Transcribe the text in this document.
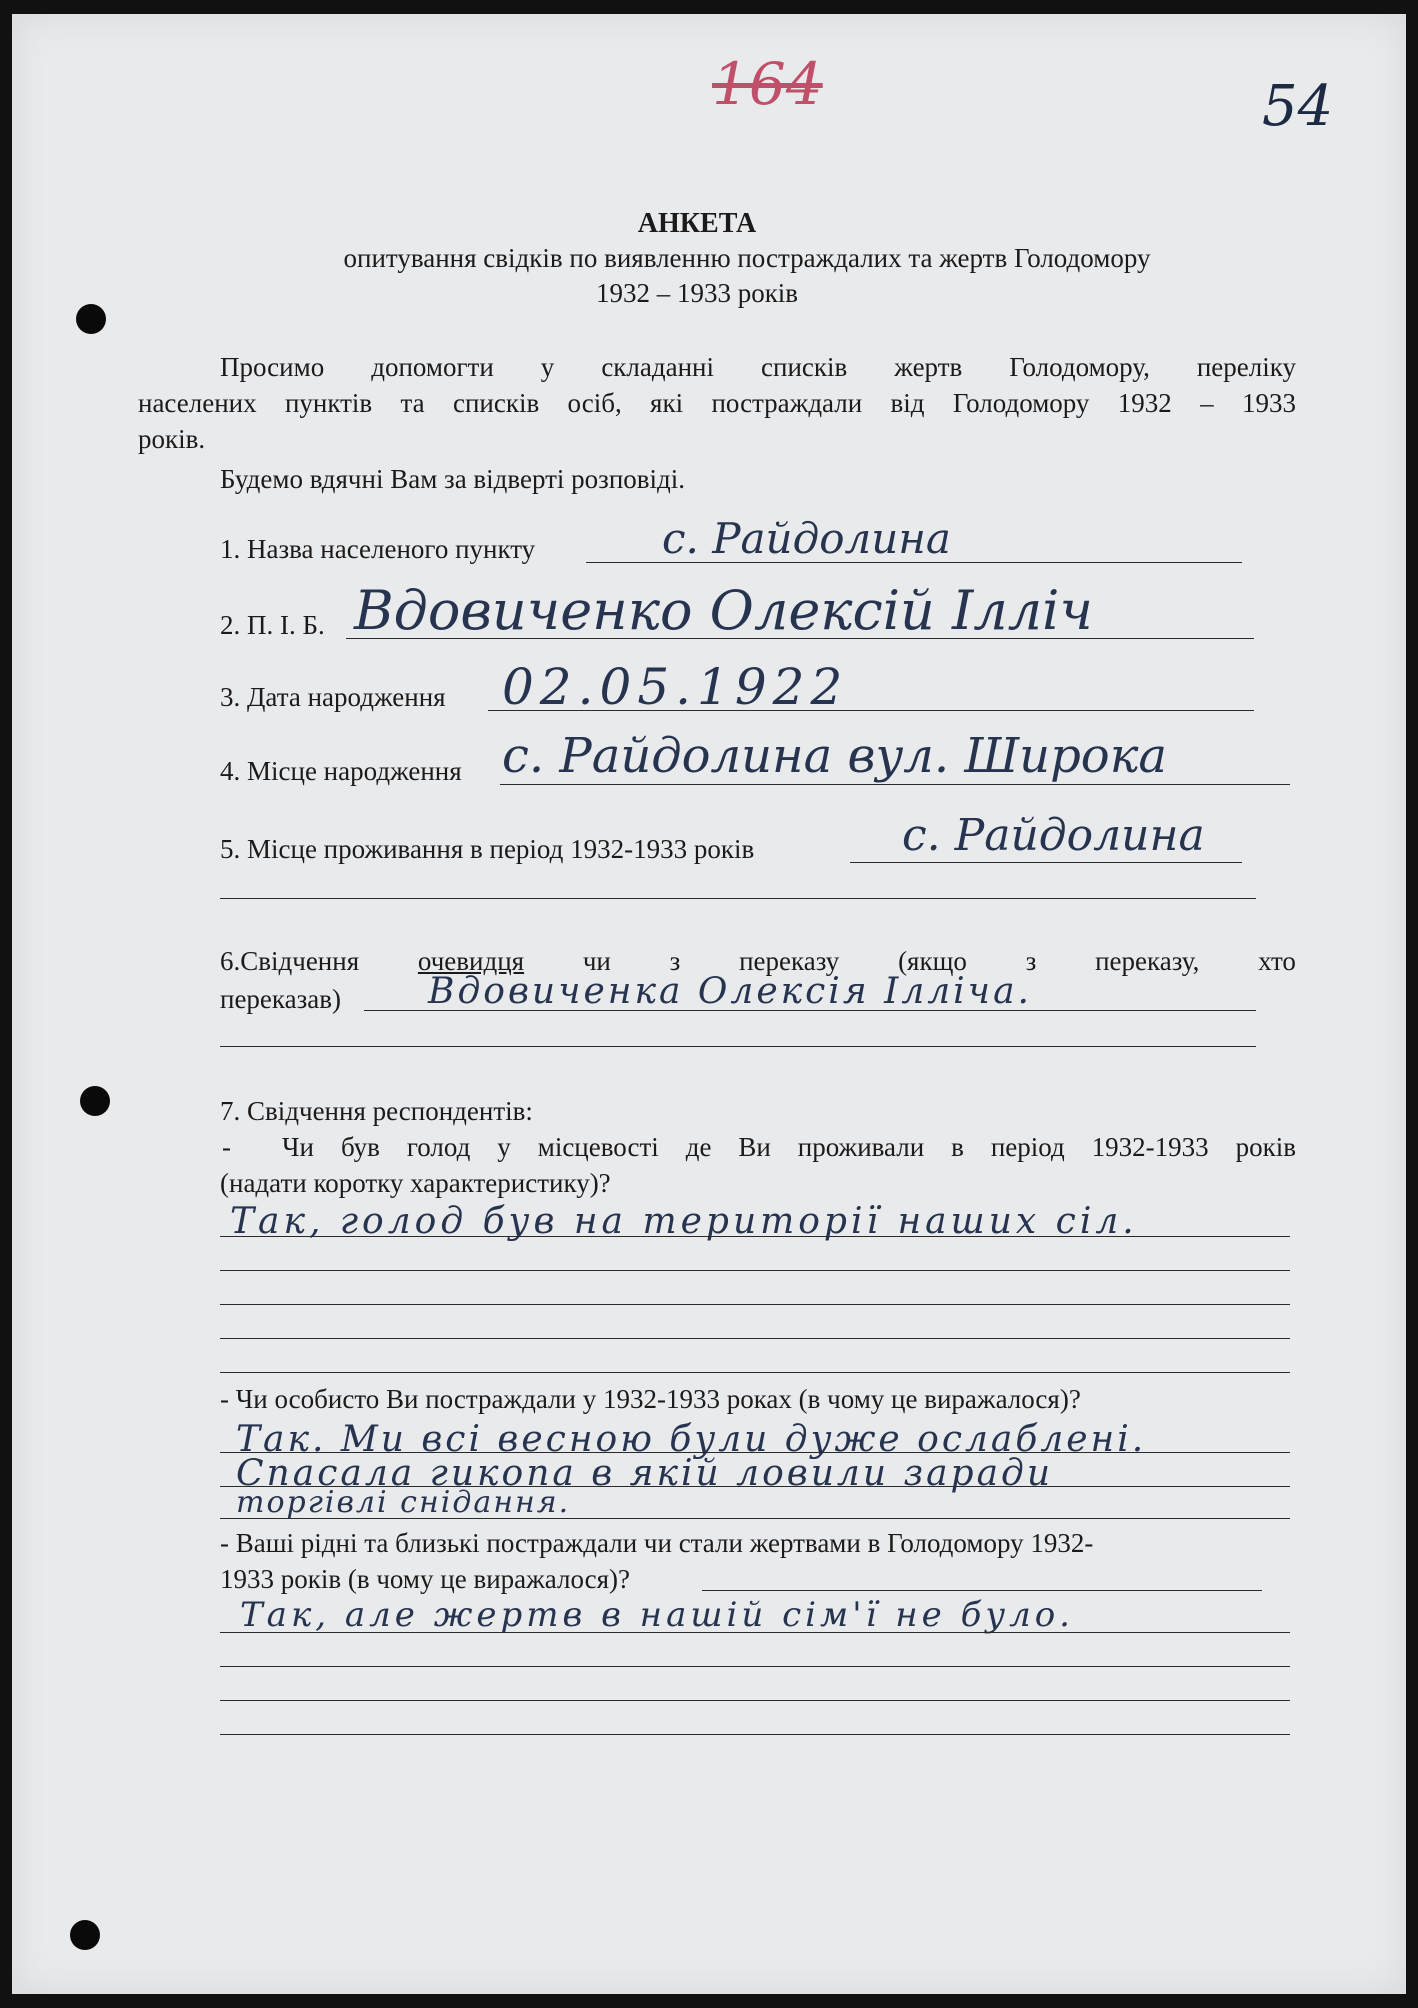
164	54
АНКЕТА
опитування свідків по виявленню постраждалих та жертв Голодомору
1932 – 1933 років
Просимо допомогти у складанні списків жертв Голодомору, переліку
населених пунктів та списків осіб, які постраждали від Голодомору 1932 – 1933
років.
Будемо вдячні Вам за відверті розповіді.
1. Назва населеного пункту	с. Райдолина
2. П. І. Б. Вдовиченко Олексій Ілліч
3. Дата народження 02.05.1922
4. Місце народження с. Райдолина вул. Широка
5. Місце проживання в період 1932-1933 років	с. Райдолина
6.Свідчення очевидця чи з переказу (якщо з переказу, хто
переказав) Вдовиченка Олексія Ілліча.
7. Свідчення респондентів:
- Чи був голод у місцевості де Ви проживали в період 1932-1933 років
(надати коротку характеристику)?
Так, голод був на території наших сіл.
- Чи особисто Ви постраждали у 1932-1933 роках (в чому це виражалося)?
Так. Ми всі весною були дуже ослаблені.
Спасала гикопа в якій ловили заради
торгівлі снідання.
- Ваші рідні та близькі постраждали чи стали жертвами в Голодомору 1932-
1933 років (в чому це виражалося)?
Так, але жертв в нашій сім'ї не було.
